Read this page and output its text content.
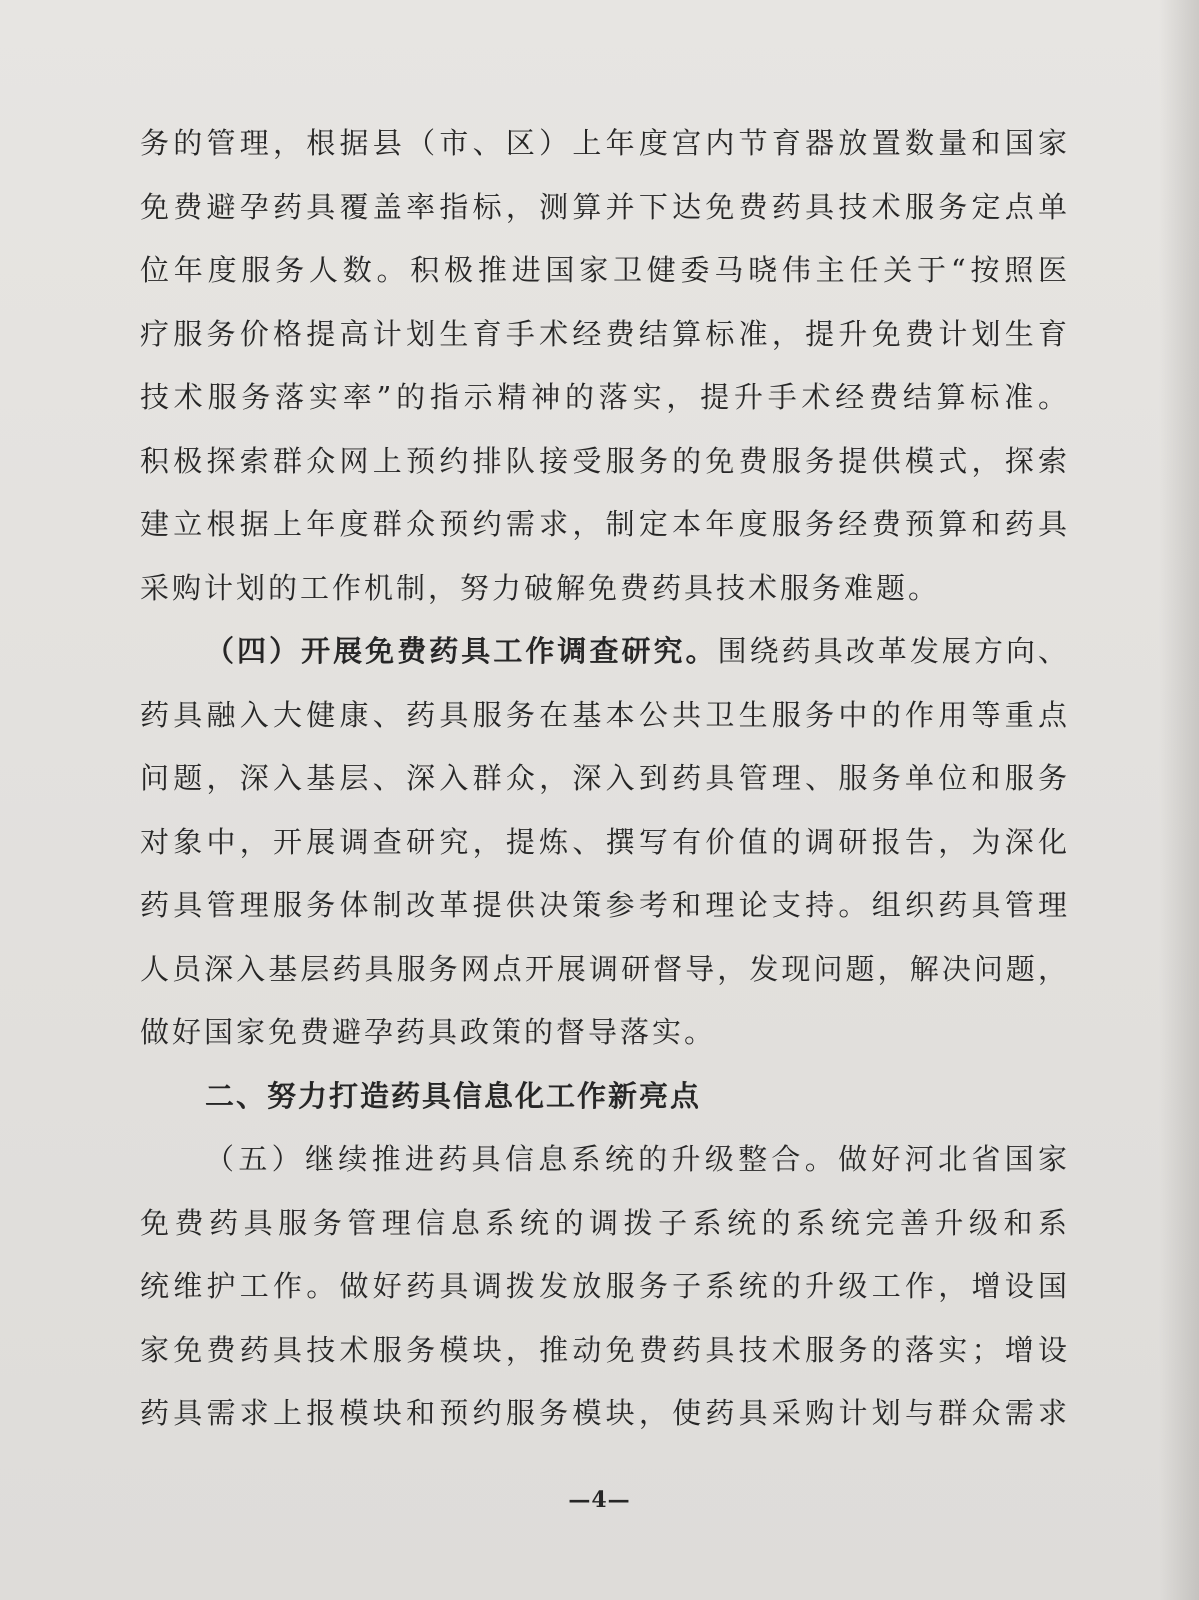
务的管理，根据县（市、区）上年度宫内节育器放置数量和国家
免费避孕药具覆盖率指标，测算并下达免费药具技术服务定点单
位年度服务人数。积极推进国家卫健委马晓伟主任关于“按照医
疗服务价格提高计划生育手术经费结算标准，提升免费计划生育
技术服务落实率”的指示精神的落实，提升手术经费结算标准。
积极探索群众网上预约排队接受服务的免费服务提供模式，探索
建立根据上年度群众预约需求，制定本年度服务经费预算和药具
采购计划的工作机制，努力破解免费药具技术服务难题。
（四）开展免费药具工作调查研究。围绕药具改革发展方向、
药具融入大健康、药具服务在基本公共卫生服务中的作用等重点
问题，深入基层、深入群众，深入到药具管理、服务单位和服务
对象中，开展调查研究，提炼、撰写有价值的调研报告，为深化
药具管理服务体制改革提供决策参考和理论支持。组织药具管理
人员深入基层药具服务网点开展调研督导，发现问题，解决问题，
做好国家免费避孕药具政策的督导落实。
二、努力打造药具信息化工作新亮点
（五）继续推进药具信息系统的升级整合。做好河北省国家
免费药具服务管理信息系统的调拨子系统的系统完善升级和系
统维护工作。做好药具调拨发放服务子系统的升级工作，增设国
家免费药具技术服务模块，推动免费药具技术服务的落实；增设
药具需求上报模块和预约服务模块，使药具采购计划与群众需求
—4—
